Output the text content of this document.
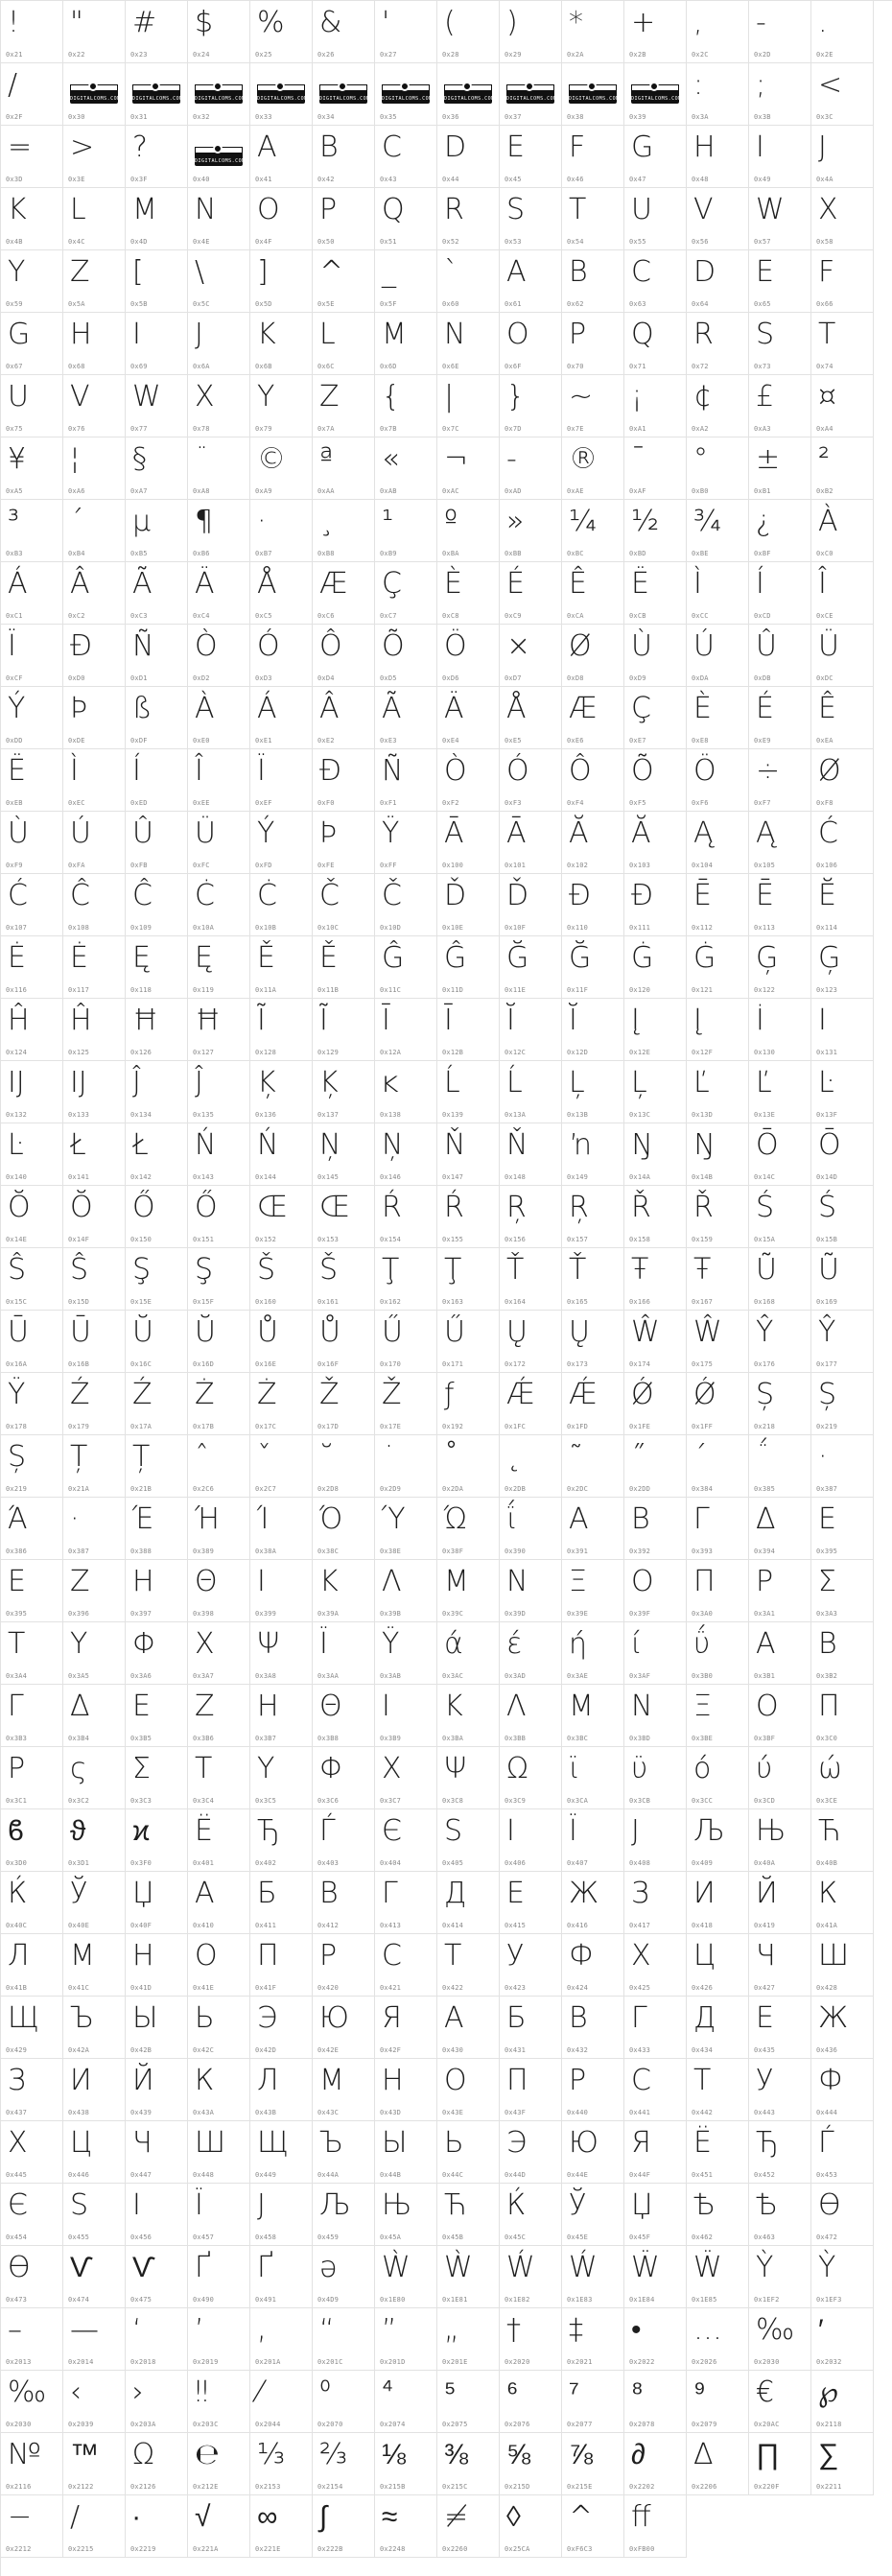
!
0x21
"
0x22
#
0x23
$
0x24
%
0x25
&
0x26
'
0x27
(
0x28
)
0x29
*
0x2A
+
0x2B
,
0x2C
-
0x2D
.
0x2E
/
0x2F
DIGITALCOMS.COM
0x30
DIGITALCOMS.COM
0x31
DIGITALCOMS.COM
0x32
DIGITALCOMS.COM
0x33
DIGITALCOMS.COM
0x34
DIGITALCOMS.COM
0x35
DIGITALCOMS.COM
0x36
DIGITALCOMS.COM
0x37
DIGITALCOMS.COM
0x38
DIGITALCOMS.COM
0x39
:
0x3A
;
0x3B
<
0x3C
=
0x3D
>
0x3E
?
0x3F
DIGITALCOMS.COM
0x40
A
0x41
B
0x42
C
0x43
D
0x44
E
0x45
F
0x46
G
0x47
H
0x48
I
0x49
J
0x4A
K
0x4B
L
0x4C
M
0x4D
N
0x4E
O
0x4F
P
0x50
Q
0x51
R
0x52
S
0x53
T
0x54
U
0x55
V
0x56
W
0x57
X
0x58
Y
0x59
Z
0x5A
[
0x5B
\
0x5C
]
0x5D
^
0x5E
_
0x5F
`
0x60
A
0x61
B
0x62
C
0x63
D
0x64
E
0x65
F
0x66
G
0x67
H
0x68
I
0x69
J
0x6A
K
0x6B
L
0x6C
M
0x6D
N
0x6E
O
0x6F
P
0x70
Q
0x71
R
0x72
S
0x73
T
0x74
U
0x75
V
0x76
W
0x77
X
0x78
Y
0x79
Z
0x7A
{
0x7B
|
0x7C
}
0x7D
~
0x7E
¡
0xA1
¢
0xA2
£
0xA3
¤
0xA4
¥
0xA5
¦
0xA6
§
0xA7
¨
0xA8
©
0xA9
ª
0xAA
«
0xAB
¬
0xAC
-
0xAD
®
0xAE
¯
0xAF
°
0xB0
±
0xB1
²
0xB2
³
0xB3
´
0xB4
µ
0xB5
¶
0xB6
·
0xB7
¸
0xB8
¹
0xB9
º
0xBA
»
0xBB
¼
0xBC
½
0xBD
¾
0xBE
¿
0xBF
À
0xC0
Á
0xC1
Â
0xC2
Ã
0xC3
Ä
0xC4
Å
0xC5
Æ
0xC6
Ç
0xC7
È
0xC8
É
0xC9
Ê
0xCA
Ë
0xCB
Ì
0xCC
Í
0xCD
Î
0xCE
Ï
0xCF
Ð
0xD0
Ñ
0xD1
Ò
0xD2
Ó
0xD3
Ô
0xD4
Õ
0xD5
Ö
0xD6
×
0xD7
Ø
0xD8
Ù
0xD9
Ú
0xDA
Û
0xDB
Ü
0xDC
Ý
0xDD
Þ
0xDE
ß
0xDF
À
0xE0
Á
0xE1
Â
0xE2
Ã
0xE3
Ä
0xE4
Å
0xE5
Æ
0xE6
Ç
0xE7
È
0xE8
É
0xE9
Ê
0xEA
Ë
0xEB
Ì
0xEC
Í
0xED
Î
0xEE
Ï
0xEF
Ð
0xF0
Ñ
0xF1
Ò
0xF2
Ó
0xF3
Ô
0xF4
Õ
0xF5
Ö
0xF6
÷
0xF7
Ø
0xF8
Ù
0xF9
Ú
0xFA
Û
0xFB
Ü
0xFC
Ý
0xFD
Þ
0xFE
Ÿ
0xFF
Ā
0x100
Ā
0x101
Ă
0x102
Ă
0x103
Ą
0x104
Ą
0x105
Ć
0x106
Ć
0x107
Ĉ
0x108
Ĉ
0x109
Ċ
0x10A
Ċ
0x10B
Č
0x10C
Č
0x10D
Ď
0x10E
Ď
0x10F
Đ
0x110
Đ
0x111
Ē
0x112
Ē
0x113
Ĕ
0x114
Ė
0x116
Ė
0x117
Ę
0x118
Ę
0x119
Ě
0x11A
Ě
0x11B
Ĝ
0x11C
Ĝ
0x11D
Ğ
0x11E
Ğ
0x11F
Ġ
0x120
Ġ
0x121
Ģ
0x122
Ģ
0x123
Ĥ
0x124
Ĥ
0x125
Ħ
0x126
Ħ
0x127
Ĩ
0x128
Ĩ
0x129
Ī
0x12A
Ī
0x12B
Ĭ
0x12C
Ĭ
0x12D
Į
0x12E
Į
0x12F
İ
0x130
I
0x131
Ĳ
0x132
Ĳ
0x133
Ĵ
0x134
Ĵ
0x135
Ķ
0x136
Ķ
0x137
ĸ
0x138
Ĺ
0x139
Ĺ
0x13A
Ļ
0x13B
Ļ
0x13C
Ľ
0x13D
Ľ
0x13E
Ŀ
0x13F
Ŀ
0x140
Ł
0x141
Ł
0x142
Ń
0x143
Ń
0x144
Ņ
0x145
Ņ
0x146
Ň
0x147
Ň
0x148
ŉ
0x149
Ŋ
0x14A
Ŋ
0x14B
Ō
0x14C
Ō
0x14D
Ŏ
0x14E
Ŏ
0x14F
Ő
0x150
Ő
0x151
Œ
0x152
Œ
0x153
Ŕ
0x154
Ŕ
0x155
Ŗ
0x156
Ŗ
0x157
Ř
0x158
Ř
0x159
Ś
0x15A
Ś
0x15B
Ŝ
0x15C
Ŝ
0x15D
Ş
0x15E
Ş
0x15F
Š
0x160
Š
0x161
Ţ
0x162
Ţ
0x163
Ť
0x164
Ť
0x165
Ŧ
0x166
Ŧ
0x167
Ũ
0x168
Ũ
0x169
Ū
0x16A
Ū
0x16B
Ŭ
0x16C
Ŭ
0x16D
Ů
0x16E
Ů
0x16F
Ű
0x170
Ű
0x171
Ų
0x172
Ų
0x173
Ŵ
0x174
Ŵ
0x175
Ŷ
0x176
Ŷ
0x177
Ÿ
0x178
Ź
0x179
Ź
0x17A
Ż
0x17B
Ż
0x17C
Ž
0x17D
Ž
0x17E
ƒ
0x192
Ǽ
0x1FC
Ǽ
0x1FD
Ǿ
0x1FE
Ǿ
0x1FF
Ș
0x218
Ș
0x219
Ș
0x219
Ț
0x21A
Ț
0x21B
ˆ
0x2C6
ˇ
0x2C7
˘
0x2D8
˙
0x2D9
˚
0x2DA
˛
0x2DB
˜
0x2DC
˝
0x2DD
΄
0x384
΅
0x385
·
0x387
Ά
0x386
·
0x387
Έ
0x388
Ή
0x389
Ί
0x38A
Ό
0x38C
Ύ
0x38E
Ώ
0x38F
ΐ
0x390
Α
0x391
Β
0x392
Γ
0x393
Δ
0x394
Ε
0x395
Ε
0x395
Ζ
0x396
Η
0x397
Θ
0x398
Ι
0x399
Κ
0x39A
Λ
0x39B
Μ
0x39C
Ν
0x39D
Ξ
0x39E
Ο
0x39F
Π
0x3A0
Ρ
0x3A1
Σ
0x3A3
Τ
0x3A4
Υ
0x3A5
Φ
0x3A6
Χ
0x3A7
Ψ
0x3A8
Ϊ
0x3AA
Ϋ
0x3AB
ά
0x3AC
έ
0x3AD
ή
0x3AE
ί
0x3AF
ΰ
0x3B0
Α
0x3B1
Β
0x3B2
Γ
0x3B3
Δ
0x3B4
Ε
0x3B5
Ζ
0x3B6
Η
0x3B7
Θ
0x3B8
Ι
0x3B9
Κ
0x3BA
Λ
0x3BB
Μ
0x3BC
Ν
0x3BD
Ξ
0x3BE
Ο
0x3BF
Π
0x3C0
Ρ
0x3C1
ς
0x3C2
Σ
0x3C3
Τ
0x3C4
Υ
0x3C5
Φ
0x3C6
Χ
0x3C7
Ψ
0x3C8
Ω
0x3C9
ϊ
0x3CA
ϋ
0x3CB
ό
0x3CC
ύ
0x3CD
ώ
0x3CE
ϐ
0x3D0
ϑ
0x3D1
ϰ
0x3F0
Ё
0x401
Ђ
0x402
Ѓ
0x403
Є
0x404
Ѕ
0x405
І
0x406
Ї
0x407
Ј
0x408
Љ
0x409
Њ
0x40A
Ћ
0x40B
Ќ
0x40C
Ў
0x40E
Џ
0x40F
А
0x410
Б
0x411
В
0x412
Г
0x413
Д
0x414
Е
0x415
Ж
0x416
З
0x417
И
0x418
Й
0x419
К
0x41A
Л
0x41B
М
0x41C
Н
0x41D
О
0x41E
П
0x41F
Р
0x420
С
0x421
Т
0x422
У
0x423
Ф
0x424
Х
0x425
Ц
0x426
Ч
0x427
Ш
0x428
Щ
0x429
Ъ
0x42A
Ы
0x42B
Ь
0x42C
Э
0x42D
Ю
0x42E
Я
0x42F
А
0x430
Б
0x431
В
0x432
Г
0x433
Д
0x434
Е
0x435
Ж
0x436
З
0x437
И
0x438
Й
0x439
К
0x43A
Л
0x43B
М
0x43C
Н
0x43D
О
0x43E
П
0x43F
Р
0x440
С
0x441
Т
0x442
У
0x443
Ф
0x444
Х
0x445
Ц
0x446
Ч
0x447
Ш
0x448
Щ
0x449
Ъ
0x44A
Ы
0x44B
Ь
0x44C
Э
0x44D
Ю
0x44E
Я
0x44F
Ё
0x451
Ђ
0x452
Ѓ
0x453
Є
0x454
Ѕ
0x455
І
0x456
Ї
0x457
Ј
0x458
Љ
0x459
Њ
0x45A
Ћ
0x45B
Ќ
0x45C
Ў
0x45E
Џ
0x45F
Ѣ
0x462
Ѣ
0x463
Ѳ
0x472
Ѳ
0x473
Ѵ
0x474
Ѵ
0x475
Ґ
0x490
Ґ
0x491
ǝ
0x4D9
Ẁ
0x1E80
Ẁ
0x1E81
Ẃ
0x1E82
Ẃ
0x1E83
Ẅ
0x1E84
Ẅ
0x1E85
Ỳ
0x1EF2
Ỳ
0x1EF3
–
0x2013
—
0x2014
‘
0x2018
’
0x2019
‚
0x201A
“
0x201C
”
0x201D
„
0x201E
†
0x2020
‡
0x2021
•
0x2022
…
0x2026
‰
0x2030
′
0x2032
‰
0x2030
‹
0x2039
›
0x203A
‼
0x203C
⁄
0x2044
⁰
0x2070
⁴
0x2074
⁵
0x2075
⁶
0x2076
⁷
0x2077
⁸
0x2078
⁹
0x2079
€
0x20AC
℘
0x2118
№
0x2116
™
0x2122
Ω
0x2126
℮
0x212E
⅓
0x2153
⅔
0x2154
⅛
0x215B
⅜
0x215C
⅝
0x215D
⅞
0x215E
∂
0x2202
Δ
0x2206
∏
0x220F
∑
0x2211
−
0x2212
∕
0x2215
∙
0x2219
√
0x221A
∞
0x221E
∫
0x222B
≈
0x2248
≠
0x2260
◊
0x25CA
^
0xF6C3
ﬀ
0xFB00
